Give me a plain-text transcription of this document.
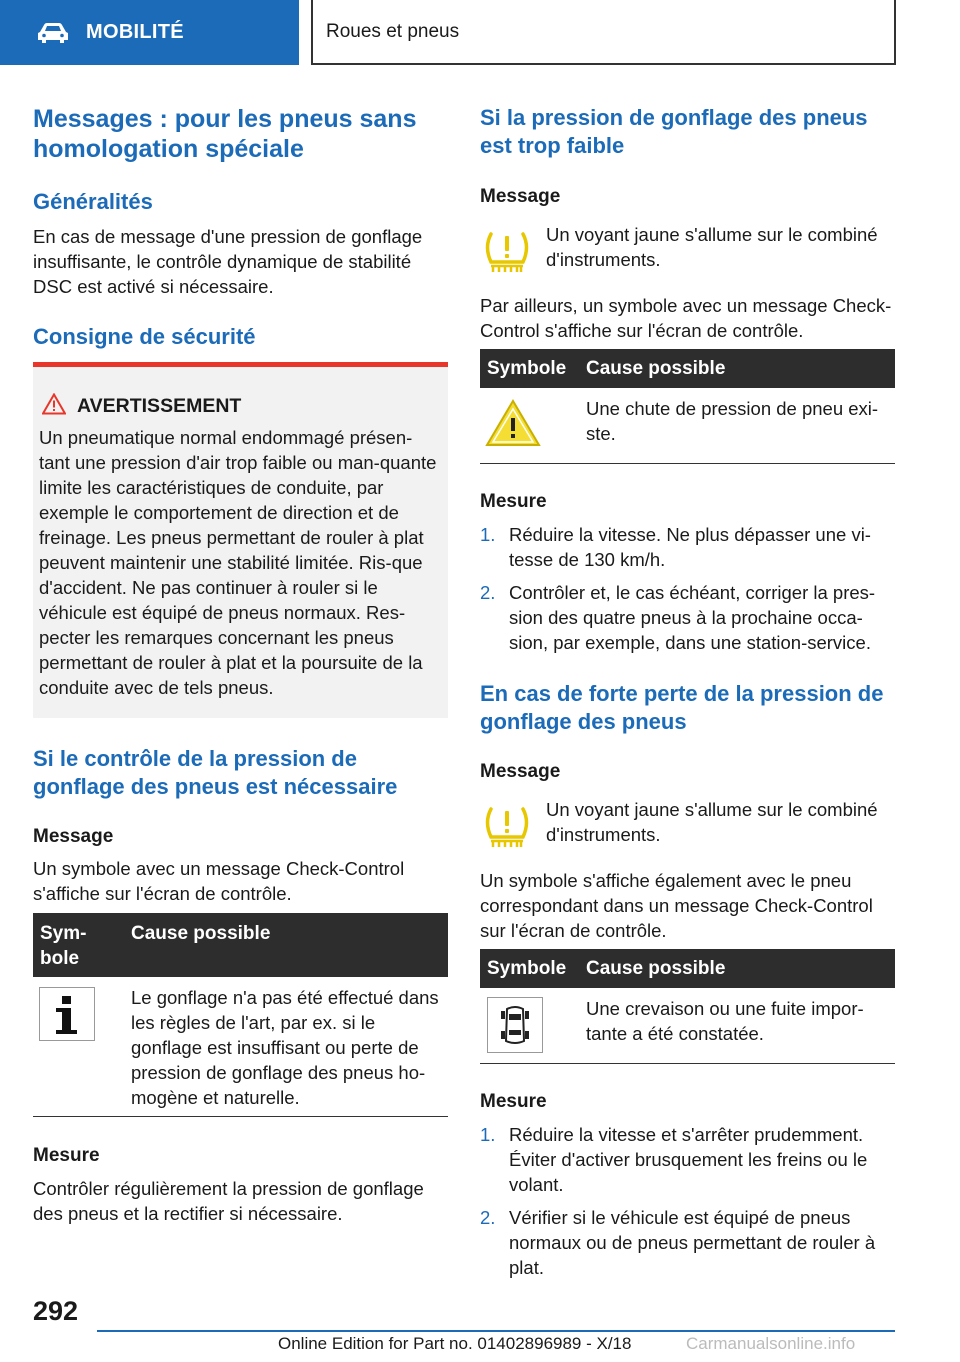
MOBILITÉ	Roues et pneus
Messages : pour les pneus sans homologation spéciale
Généralités
En cas de message d'une pression de gonflage insuffisante, le contrôle dynamique de stabilité DSC est activé si nécessaire.
Consigne de sécurité
AVERTISSEMENT
Un pneumatique normal endommagé présen-tant une pression d'air trop faible ou man-quante limite les caractéristiques de conduite, par exemple le comportement de direction et de freinage. Les pneus permettant de rouler à plat peuvent maintenir une stabilité limitée. Ris-que d'accident. Ne pas continuer à rouler si le véhicule est équipé de pneus normaux. Res-pecter les remarques concernant les pneus permettant de rouler à plat et la poursuite de la conduite avec de tels pneus.
Si le contrôle de la pression de gonflage des pneus est nécessaire
Message
Un symbole avec un message Check-Control s'affiche sur l'écran de contrôle.
Sym-bole
Cause possible
Le gonflage n'a pas été effectué dans les règles de l'art, par ex. si le gonflage est insuffisant ou perte de pression de gonflage des pneus ho-mogène et naturelle.
Mesure
Contrôler régulièrement la pression de gonflage des pneus et la rectifier si nécessaire.
Si la pression de gonflage des pneus est trop faible
Message
Un voyant jaune s'allume sur le combiné d'instruments.
Par ailleurs, un symbole avec un message Check-Control s'affiche sur l'écran de contrôle.
Symbole Cause possible
Une chute de pression de pneu exi-ste.
Mesure
1. Réduire la vitesse. Ne plus dépasser une vi-tesse de 130 km/h.
2. Contrôler et, le cas échéant, corriger la pres-sion des quatre pneus à la prochaine occa-sion, par exemple, dans une station-service.
En cas de forte perte de la pression de gonflage des pneus
Message
Un voyant jaune s'allume sur le combiné d'instruments.
Un symbole s'affiche également avec le pneu correspondant dans un message Check-Control sur l'écran de contrôle.
Symbole Cause possible
Une crevaison ou une fuite impor-tante a été constatée.
Mesure
1. Réduire la vitesse et s'arrêter prudemment. Éviter d'activer brusquement les freins ou le volant.
2. Vérifier si le véhicule est équipé de pneus normaux ou de pneus permettant de rouler à plat.
292
Online Edition for Part no. 01402896989 - X/18	Carmanualsonline.info
